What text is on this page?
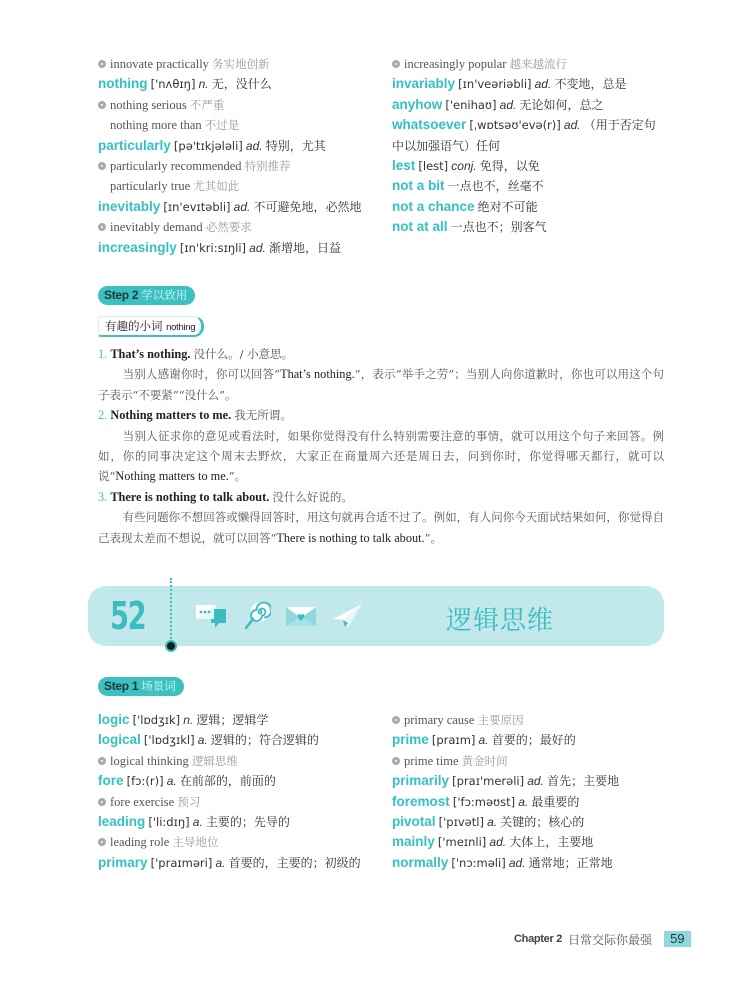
innovate practically 务实地创新
nothing ['nʌθɪŋ] n. 无，没什么
nothing serious 不严重
nothing more than 不过是
particularly [pə'tɪkjələli] ad. 特别，尤其
particularly recommended 特别推荐
particularly true 尤其如此
inevitably [ɪn'evɪtəbli] ad. 不可避免地，必然地
inevitably demand 必然要求
increasingly [ɪn'kri:sɪŋli] ad. 渐增地，日益
increasingly popular 越来越流行
invariably [ɪn'veəriəbli] ad. 不变地，总是
anyhow ['enihaʊ] ad. 无论如何，总之
whatsoever [ˌwɒtsəʊ'evə(r)] ad. （用于否定句
中以加强语气）任何
lest [lest] conj. 免得，以免
not a bit 一点也不，丝毫不
not a chance 绝对不可能
not at all 一点也不；别客气
Step 2 学以致用
有趣的小词 nothing

1. That’s nothing. 没什么。/ 小意思。

当别人感谢你时，你可以回答“That’s nothing.”，表示“举手之劳”；当别人向你道歉时，你也可以用这个句子表示“不要紧”“没什么”。

2. Nothing matters to me. 我无所谓。

当别人征求你的意见或看法时，如果你觉得没有什么特别需要注意的事情，就可以用这个句子来回答。例如，你的同事决定这个周末去野炊，大家正在商量周六还是周日去，问到你时，你觉得哪天都行，就可以说“Nothing matters to me.”。

3. There is nothing to talk about. 没什么好说的。

有些问题你不想回答或懒得回答时，用这句就再合适不过了。例如，有人问你今天面试结果如何，你觉得自己表现太差而不想说，就可以回答“There is nothing to talk about.”。

52	逻辑思维
Step 1 场景词
logic ['lɒdʒɪk] n. 逻辑；逻辑学
logical ['lɒdʒɪkl] a. 逻辑的；符合逻辑的
logical thinking 逻辑思维
fore [fɔ:(r)] a. 在前部的，前面的
fore exercise 预习
leading ['li:dɪŋ] a. 主要的；先导的
leading role 主导地位
primary ['praɪməri] a. 首要的，主要的；初级的
primary cause 主要原因
prime [praɪm] a. 首要的；最好的
prime time 黄金时间
primarily [praɪ'merəli] ad. 首先；主要地
foremost ['fɔ:məʊst] a. 最重要的
pivotal ['pɪvətl] a. 关键的；核心的
mainly ['meɪnli] ad. 大体上，主要地
normally ['nɔ:məli] ad. 通常地；正常地
Chapter 2 日常交际你最强	59
